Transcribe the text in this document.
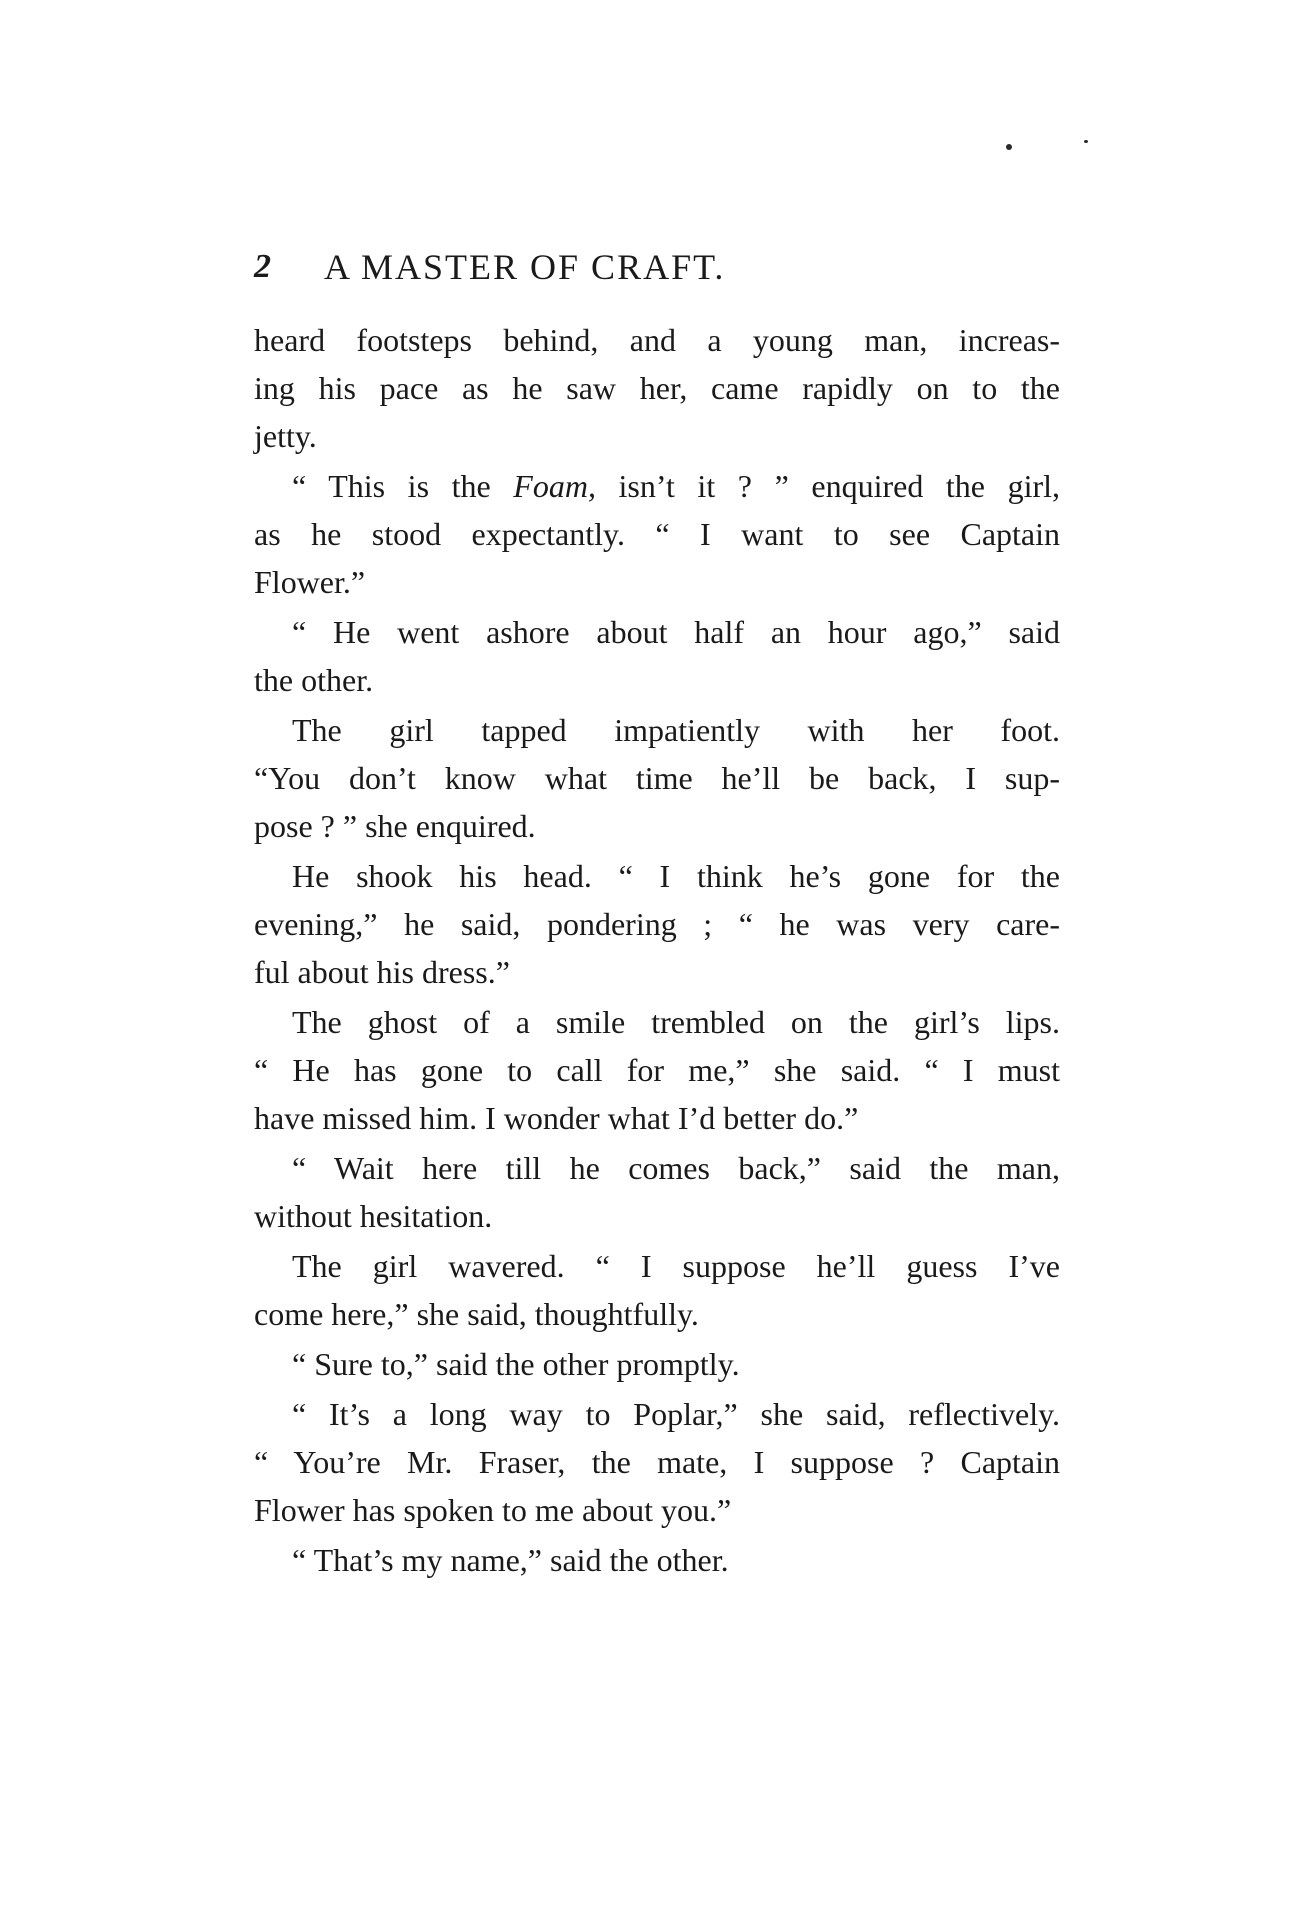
2 A MASTER OF CRAFT.
heard footsteps behind, and a young man, increas-
ing his pace as he saw her, came rapidly on to the
jetty.
“ This is the Foam, isn’t it ? ” enquired the girl,
as he stood expectantly. “ I want to see Captain
Flower.”
“ He went ashore about half an hour ago,” said
the other.
The girl tapped impatiently with her foot.
“You don’t know what time he’ll be back, I sup-
pose ? ” she enquired.
He shook his head. “ I think he’s gone for the
evening,” he said, pondering ; “ he was very care-
ful about his dress.”
The ghost of a smile trembled on the girl’s lips.
“ He has gone to call for me,” she said. “ I must
have missed him. I wonder what I’d better do.”
“ Wait here till he comes back,” said the man,
without hesitation.
The girl wavered. “ I suppose he’ll guess I’ve
come here,” she said, thoughtfully.
“ Sure to,” said the other promptly.
“ It’s a long way to Poplar,” she said, reflectively.
“ You’re Mr. Fraser, the mate, I suppose ? Captain
Flower has spoken to me about you.”
“ That’s my name,” said the other.
